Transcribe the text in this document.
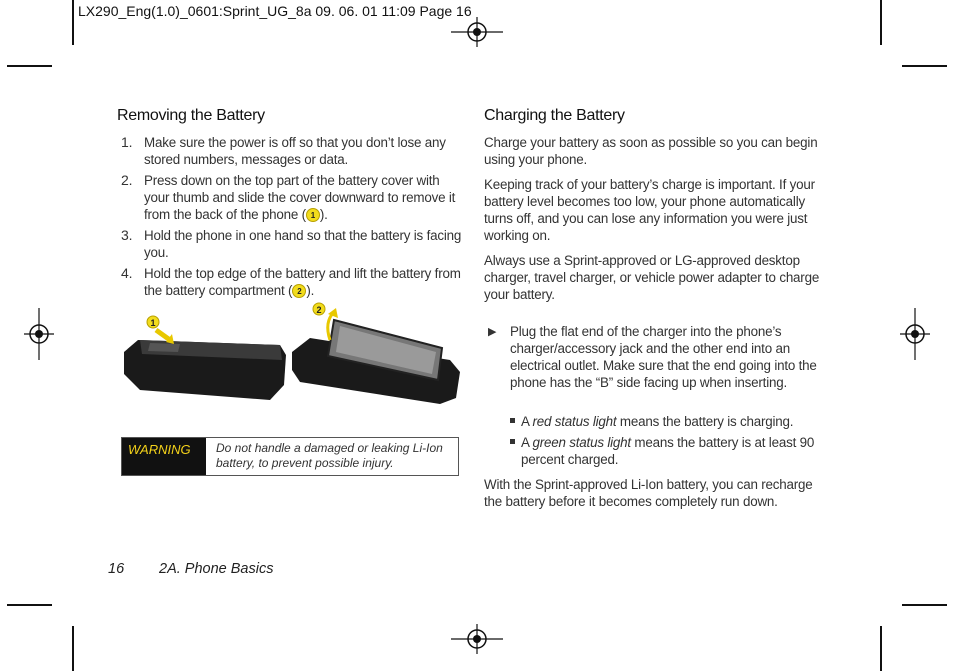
LX290_Eng(1.0)_0601:Sprint_UG_8a 09. 06. 01 11:09 Page 16
Removing the Battery
1. Make sure the power is off so that you don’t lose any stored numbers, messages or data.
2. Press down on the top part of the battery cover with your thumb and slide the cover downward to remove it from the back of the phone ( 1 ).
3. Hold the phone in one hand so that the battery is facing you.
4. Hold the top edge of the battery and lift the battery from the battery compartment ( 2 ).
1
2
WARNING	Do not handle a damaged or leaking Li-Ion battery, to prevent possible injury.
Charging the Battery
Charge your battery as soon as possible so you can begin using your phone.
Keeping track of your battery’s charge is important. If your battery level becomes too low, your phone automatically turns off, and you can lose any information you were just working on.
Always use a Sprint-approved or LG-approved desktop charger, travel charger, or vehicle power adapter to charge your battery.
▶ Plug the flat end of the charger into the phone’s charger/accessory jack and the other end into an electrical outlet. Make sure that the end going into the phone has the “B” side facing up when inserting.
A red status light means the battery is charging.
A green status light means the battery is at least 90 percent charged.
With the Sprint-approved Li-Ion battery, you can recharge the battery before it becomes completely run down.
16 2A. Phone Basics
